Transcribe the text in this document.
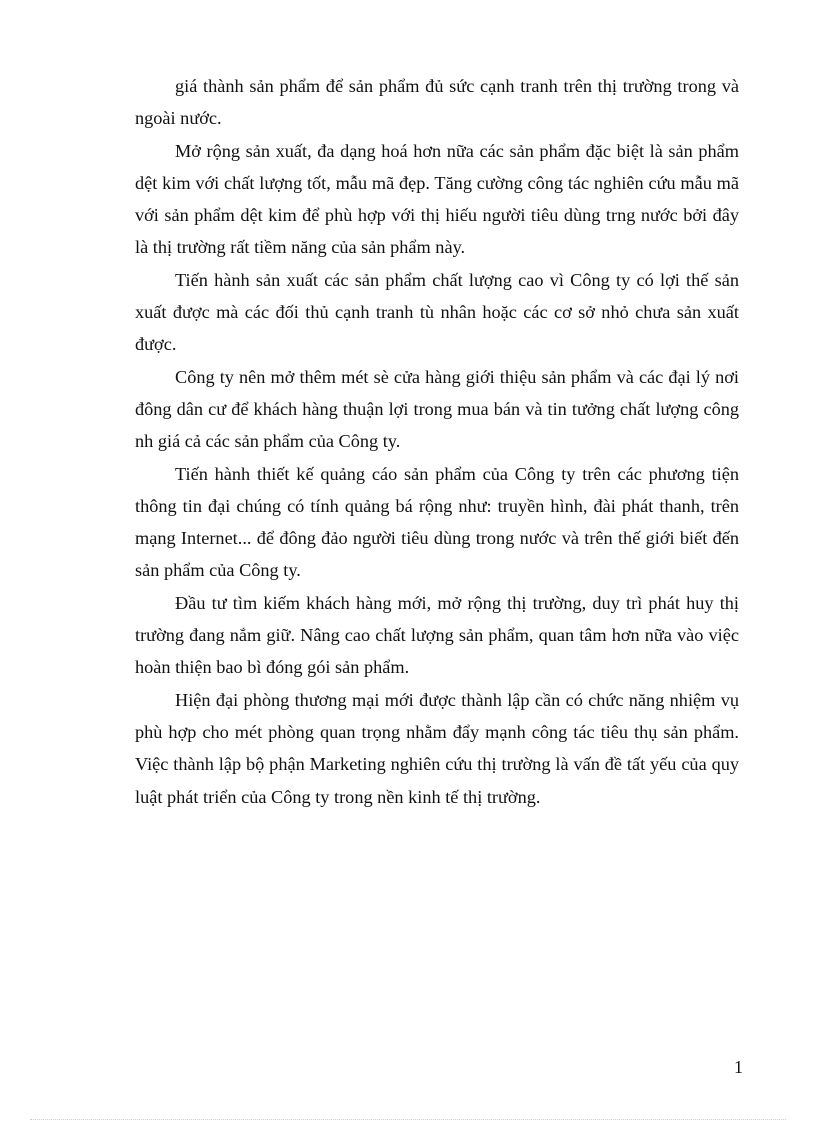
giá thành sản phẩm để sản phẩm đủ sức cạnh tranh trên thị trường trong và ngoài nước.

Mở rộng sản xuất, đa dạng hoá hơn nữa các sản phẩm đặc biệt là sản phẩm dệt kim với chất lượng tốt, mẫu mã đẹp. Tăng cường công tác nghiên cứu mẫu mã với sản phẩm dệt kim để phù hợp với thị hiếu người tiêu dùng trng nước bởi đây là thị trường rất tiềm năng của sản phẩm này.

Tiến hành sản xuất các sản phẩm chất lượng cao vì Công ty có lợi thế sản xuất được mà các đối thủ cạnh tranh tù nhân hoặc các cơ sở nhỏ chưa sản xuất được.

Công ty nên mở thêm mét sè cửa hàng giới thiệu sản phẩm và các đại lý nơi đông dân cư để khách hàng thuận lợi trong mua bán và tin tưởng chất lượng công nh giá cả các sản phẩm của Công ty.

Tiến hành thiết kế quảng cáo sản phẩm của Công ty trên các phương tiện thông tin đại chúng có tính quảng bá rộng như: truyền hình, đài phát thanh, trên mạng Internet... để đông đảo người tiêu dùng trong nước và trên thế giới biết đến sản phẩm của Công ty.

Đầu tư tìm kiếm khách hàng mới, mở rộng thị trường, duy trì phát huy thị trường đang nắm giữ. Nâng cao chất lượng sản phẩm, quan tâm hơn nữa vào việc hoàn thiện bao bì đóng gói sản phẩm.

Hiện đại phòng thương mại mới được thành lập cần có chức năng nhiệm vụ phù hợp cho mét phòng quan trọng nhằm đẩy mạnh công tác tiêu thụ sản phẩm. Việc thành lập bộ phận Marketing nghiên cứu thị trường là vấn đề tất yếu của quy luật phát triển của Công ty trong nền kinh tế thị trường.

1
